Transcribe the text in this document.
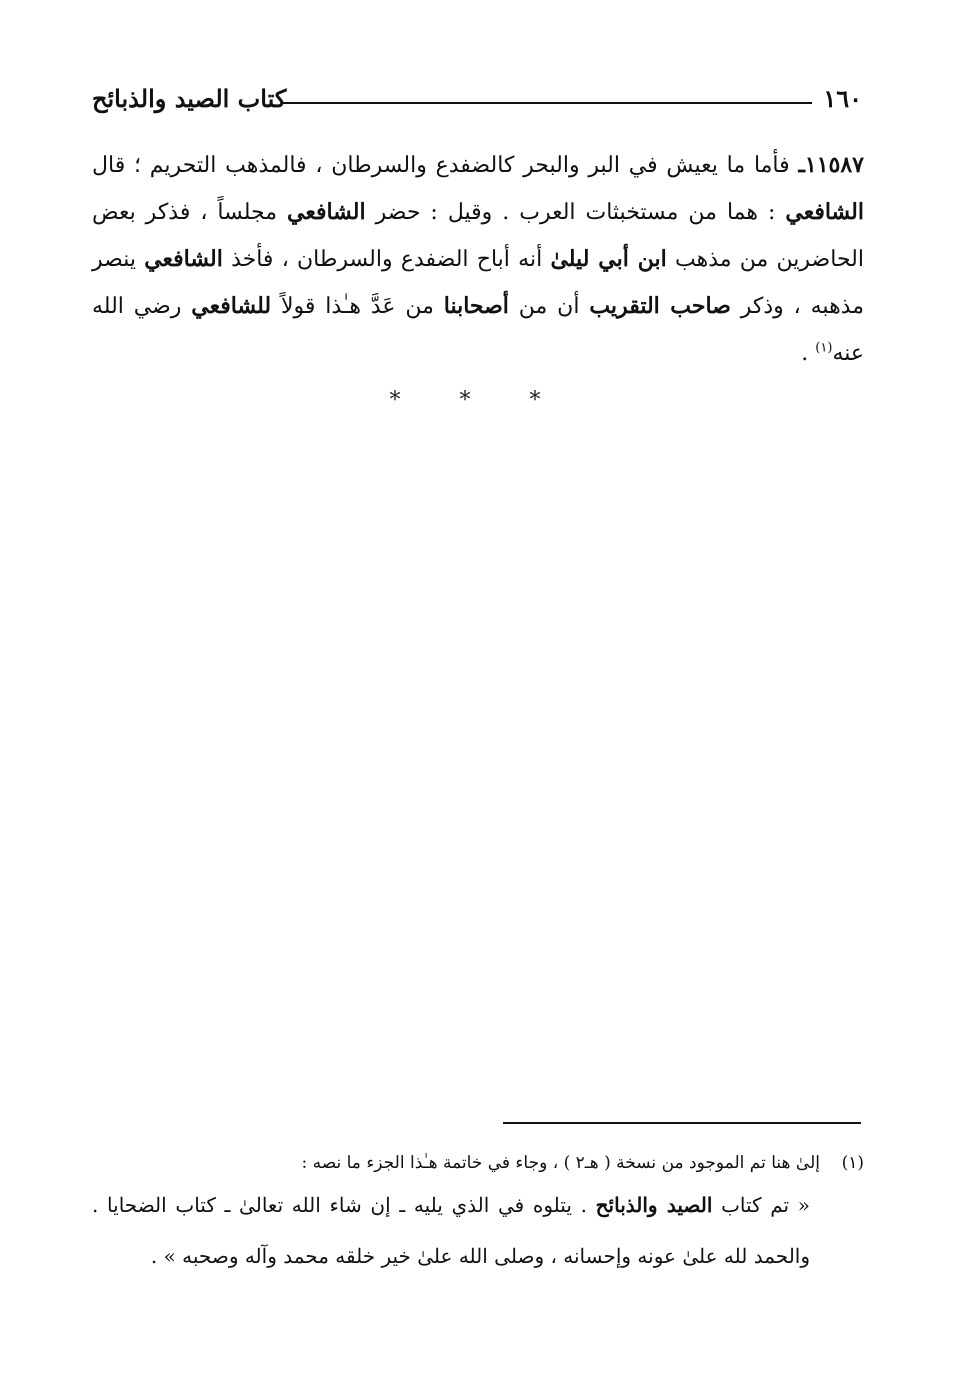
١٦٠
كتاب الصيد والذبائح

١١٥٨٧ـ فأما ما يعيش في البر والبحر كالضفدع والسرطان ، فالمذهب التحريم ؛ قال الشافعي : هما من مستخبثات العرب . وقيل : حضر الشافعي مجلساً ، فذكر بعض الحاضرين من مذهب ابن أبي ليلىٰ أنه أباح الضفدع والسرطان ، فأخذ الشافعي ينصر مذهبه ، وذكر صاحب التقريب أن من أصحابنا من عَدَّ هـٰذا قولاً للشافعي رضي الله عنه$^{(١)}$ .

* * *
(١)إلىٰ هنا تم الموجود من نسخة ( هـ٢ ) ، وجاء في خاتمة هـٰذا الجزء ما نصه :

« تم كتاب الصيد والذبائح . يتلوه في الذي يليه ـ إن شاء الله تعالىٰ ـ كتاب الضحايا . والحمد لله علىٰ عونه وإحسانه ، وصلى الله علىٰ خير خلقه محمد وآله وصحبه » .
